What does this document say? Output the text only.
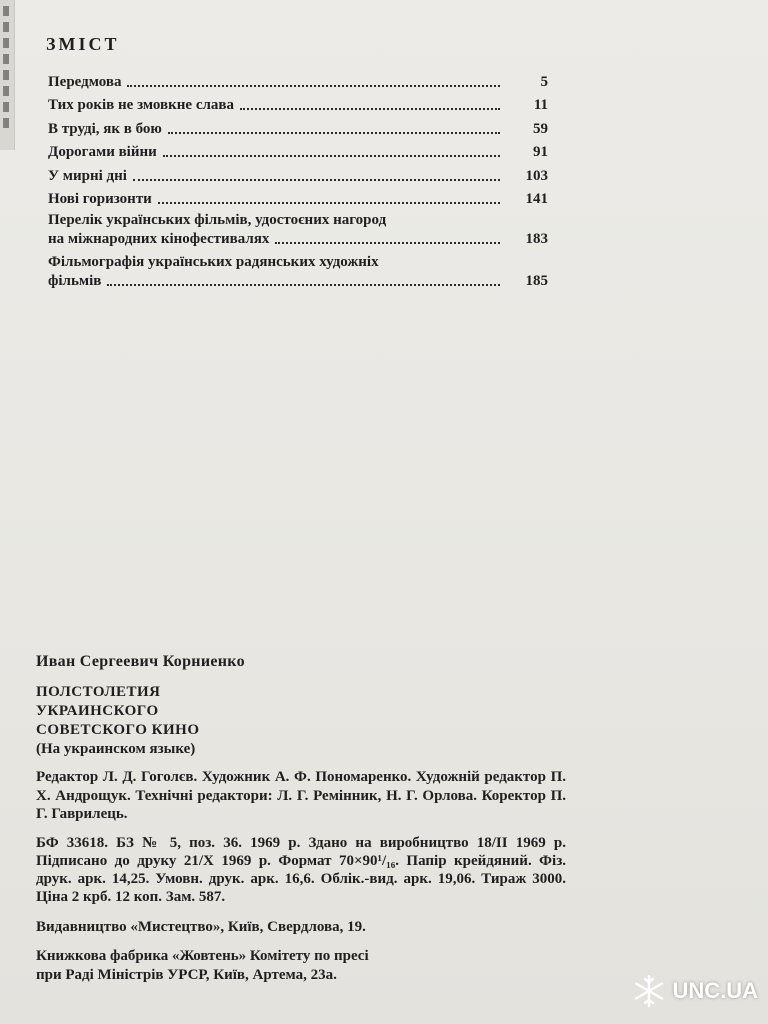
ЗМІСТ
Передмова	5
Тих років не змовкне слава	11
В труді, як в бою	59
Дорогами війни	91
У мирні дні	103
Нові горизонти	141
Перелік українських фільмів, удостоєних нагород
на міжнародних кінофестивалях	183
Фільмографія українських радянських художніх
фільмів	185
Иван Сергеевич Корниенко
ПОЛСТОЛЕТИЯ
УКРАИНСКОГО
СОВЕТСКОГО КИНО
(На украинском языке)
Редактор Л. Д. Гоголєв. Художник А. Ф. Пономаренко. Художній редактор П. Х. Андрощук. Технічні редактори: Л. Г. Ремінник, Н. Г. Орлова. Коректор П. Г. Гаврилець.
БФ 33618. БЗ № 5, поз. 36. 1969 р. Здано на виробництво 18/ІІ 1969 р. Підписано до друку 21/Х 1969 р. Формат 70×90¹/₁₆. Папір крейдяний. Фіз. друк. арк. 14,25. Умовн. друк. арк. 16,6. Облік.-вид. арк. 19,06. Тираж 3000. Ціна 2 крб. 12 коп. Зам. 587.
Видавництво «Мистецтво», Київ, Свердлова, 19.
Книжкова фабрика «Жовтень» Комітету по пресі
при Раді Міністрів УРСР, Київ, Артема, 23а.
UNC.UA
